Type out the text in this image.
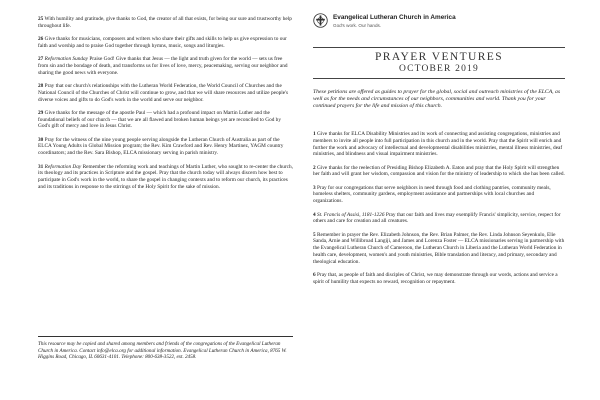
25 With humility and gratitude, give thanks to God, the creator of all that exists, for being our sure and trustworthy help throughout life.

26 Give thanks for musicians, composers and writers who share their gifts and skills to help us give expression to our faith and worship and to praise God together through hymns, music, songs and liturgies.

27 Reformation Sunday Praise God! Give thanks that Jesus — the light and truth given for the world — sets us free from sin and the bondage of death, and transforms us for lives of love, mercy, peacemaking, serving our neighbor and sharing the good news with everyone.

28 Pray that our church's relationships with the Lutheran World Federation, the World Council of Churches and the National Council of the Churches of Christ will continue to grow, and that we will share resources and utilize people's diverse voices and gifts to do God's work in the world and serve our neighbor.

29 Give thanks for the message of the apostle Paul — which had a profound impact on Martin Luther and the foundational beliefs of our church — that we are all flawed and broken human beings yet are reconciled to God by God's gift of mercy and love in Jesus Christ.

30 Pray for the witness of the nine young people serving alongside the Lutheran Church of Australia as part of the ELCA Young Adults in Global Mission program; the Rev. Kim Crawford and Rev. Henry Martinez, YAGM country coordinators; and the Rev. Sara Bishop, ELCA missionary serving in parish ministry.

31 Reformation Day Remember the reforming work and teachings of Martin Luther, who sought to re-center the church, its theology and its practices in Scripture and the gospel. Pray that the church today will always discern how best to participate in God's work in the world, to share the gospel in changing contexts and to reform our church, its practices and its traditions in response to the stirrings of the Holy Spirit for the sake of mission.

This resource may be copied and shared among members and friends of the congregations of the Evangelical Lutheran Church in America. Contact info@elca.org for additional information. Evangelical Lutheran Church in America, 8765 W. Higgins Road, Chicago, IL 60631-4101. Telephone: 800-638-3522, ext. 2458.
Evangelical Lutheran Church in America
God's work. Our hands.
PRAYER VENTURES
OCTOBER 2019

These petitions are offered as guides to prayer for the global, social and outreach ministries of the ELCA, as well as for the needs and circumstances of our neighbors, communities and world. Thank you for your continued prayers for the life and mission of this church.

1 Give thanks for ELCA Disability Ministries and its work of connecting and assisting congregations, ministries and members to invite all people into full participation in this church and in the world. Pray that the Spirit will enrich and further the work and advocacy of intellectual and developmental disabilities ministries, mental illness ministries, deaf ministries, and blindness and visual impairment ministries.

2 Give thanks for the reelection of Presiding Bishop Elizabeth A. Eaton and pray that the Holy Spirit will strengthen her faith and will grant her wisdom, compassion and vision for the ministry of leadership to which she has been called.

3 Pray for our congregations that serve neighbors in need through food and clothing pantries, community meals, homeless shelters, community gardens, employment assistance and partnerships with local churches and organizations.

4 St. Francis of Assisi, 1181-1226 Pray that our faith and lives may exemplify Francis' simplicity, service, respect for others and care for creation and all creatures.

5 Remember in prayer the Rev. Elizabeth Johnson, the Rev. Brian Palmer, the Rev. Linda Johnson Seyenkulo, Elie Sanda, Arnie and Willibroad Langiji, and James and Lorenza Foster — ELCA missionaries serving in partnership with the Evangelical Lutheran Church of Cameroon, the Lutheran Church in Liberia and the Lutheran World Federation in health care, development, women's and youth ministries, Bible translation and literacy, and primary, secondary and theological education.

6 Pray that, as people of faith and disciples of Christ, we may demonstrate through our words, actions and service a spirit of humility that expects no reward, recognition or repayment.
